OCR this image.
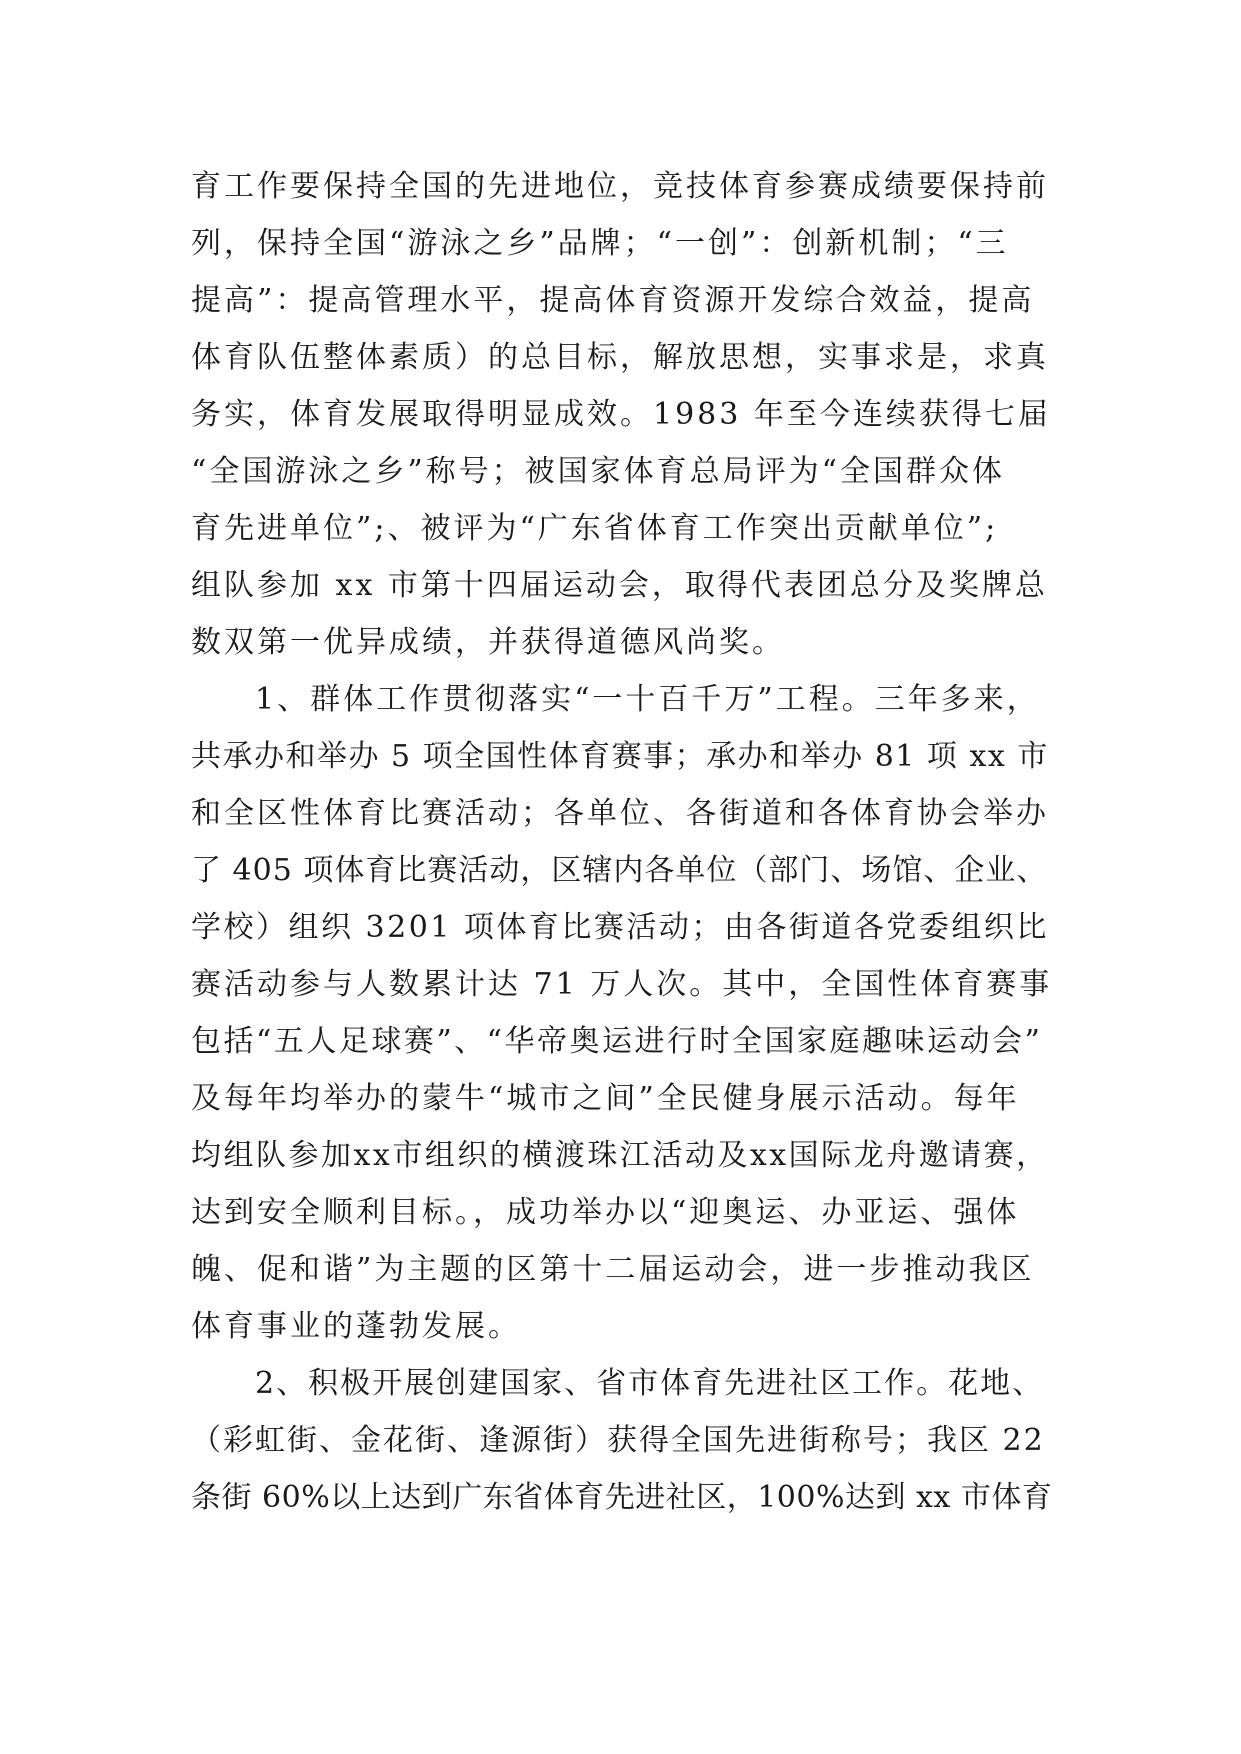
育工作要保持全国的先进地位，竞技体育参赛成绩要保持前
列，保持全国“游泳之乡”品牌；“一创”：创新机制；“三
提高”：提高管理水平，提高体育资源开发综合效益，提高
体育队伍整体素质）的总目标，解放思想，实事求是，求真
务实，体育发展取得明显成效。1983 年至今连续获得七届
“全国游泳之乡”称号；被国家体育总局评为“全国群众体
育先进单位”;、被评为“广东省体育工作突出贡献单位”;
组队参加 xx 市第十四届运动会，取得代表团总分及奖牌总
数双第一优异成绩，并获得道德风尚奖。
1、群体工作贯彻落实“一十百千万”工程。三年多来，
共承办和举办 5 项全国性体育赛事；承办和举办 81 项 xx 市
和全区性体育比赛活动；各单位、各街道和各体育协会举办
了 405 项体育比赛活动，区辖内各单位（部门、场馆、企业、
学校）组织 3201 项体育比赛活动；由各街道各党委组织比
赛活动参与人数累计达 71 万人次。其中，全国性体育赛事
包括“五人足球赛”、“华帝奥运进行时全国家庭趣味运动会”
及每年均举办的蒙牛“城市之间”全民健身展示活动。每年
均组队参加xx市组织的横渡珠江活动及xx国际龙舟邀请赛，
达到安全顺利目标。，成功举办以“迎奥运、办亚运、强体
魄、促和谐”为主题的区第十二届运动会，进一步推动我区
体育事业的蓬勃发展。
2、积极开展创建国家、省市体育先进社区工作。花地、
（彩虹街、金花街、逢源街）获得全国先进街称号；我区 22
条街 60%以上达到广东省体育先进社区，100%达到 xx 市体育
